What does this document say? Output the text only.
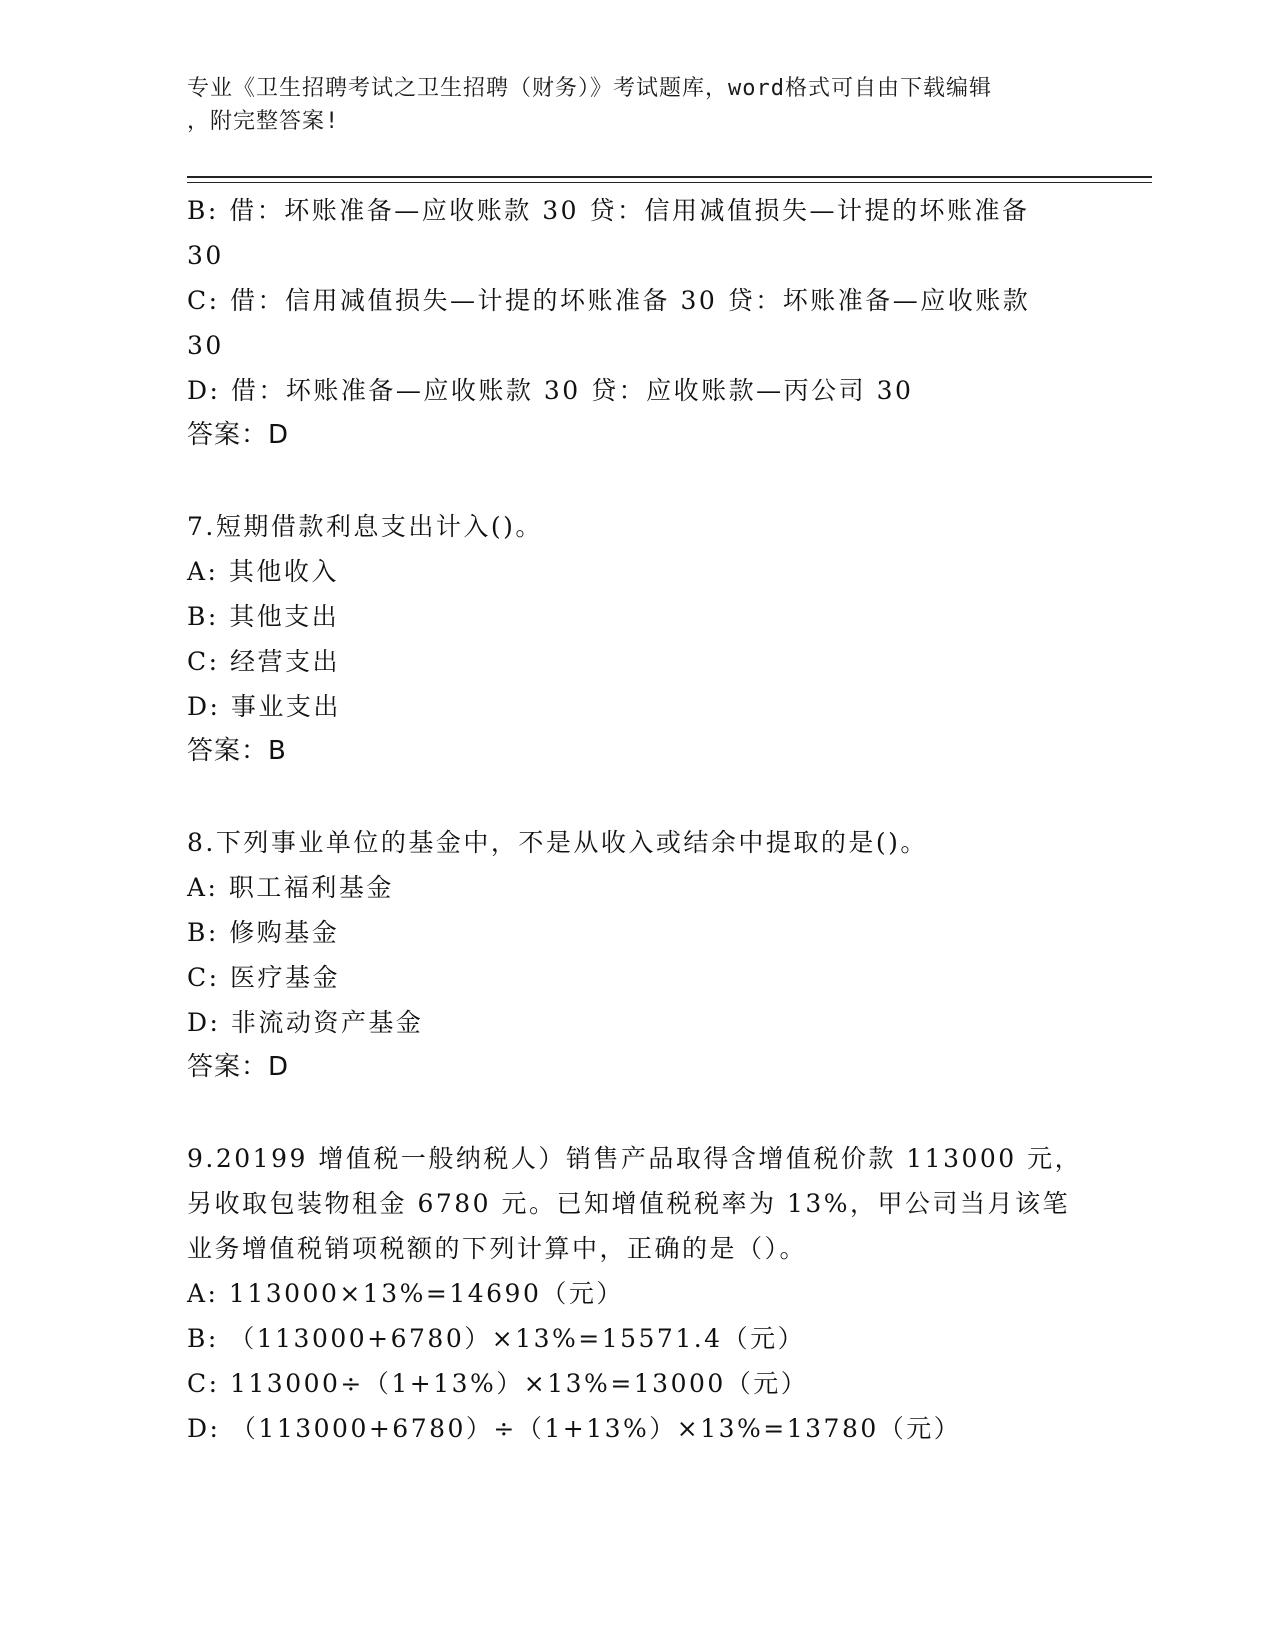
专业《卫生招聘考试之卫生招聘（财务）》考试题库，word格式可自由下载编辑
，附完整答案!
B: 借：坏账准备—应收账款 30 贷：信用减值损失—计提的坏账准备
30
C: 借：信用减值损失—计提的坏账准备 30 贷：坏账准备—应收账款
30
D: 借：坏账准备—应收账款 30 贷：应收账款—丙公司 30
答案：D
7.短期借款利息支出计入()。
A: 其他收入
B: 其他支出
C: 经营支出
D: 事业支出
答案：B
8.下列事业单位的基金中，不是从收入或结余中提取的是()。
A: 职工福利基金
B: 修购基金
C: 医疗基金
D: 非流动资产基金
答案：D
9.20199 增值税一般纳税人）销售产品取得含增值税价款 113000 元，
另收取包装物租金 6780 元。已知增值税税率为 13%，甲公司当月该笔
业务增值税销项税额的下列计算中，正确的是（）。
A: 113000×13%=14690（元）
B: （113000+6780）×13%=15571.4（元）
C: 113000÷（1+13%）×13%=13000（元）
D: （113000+6780）÷（1+13%）×13%=13780（元）
